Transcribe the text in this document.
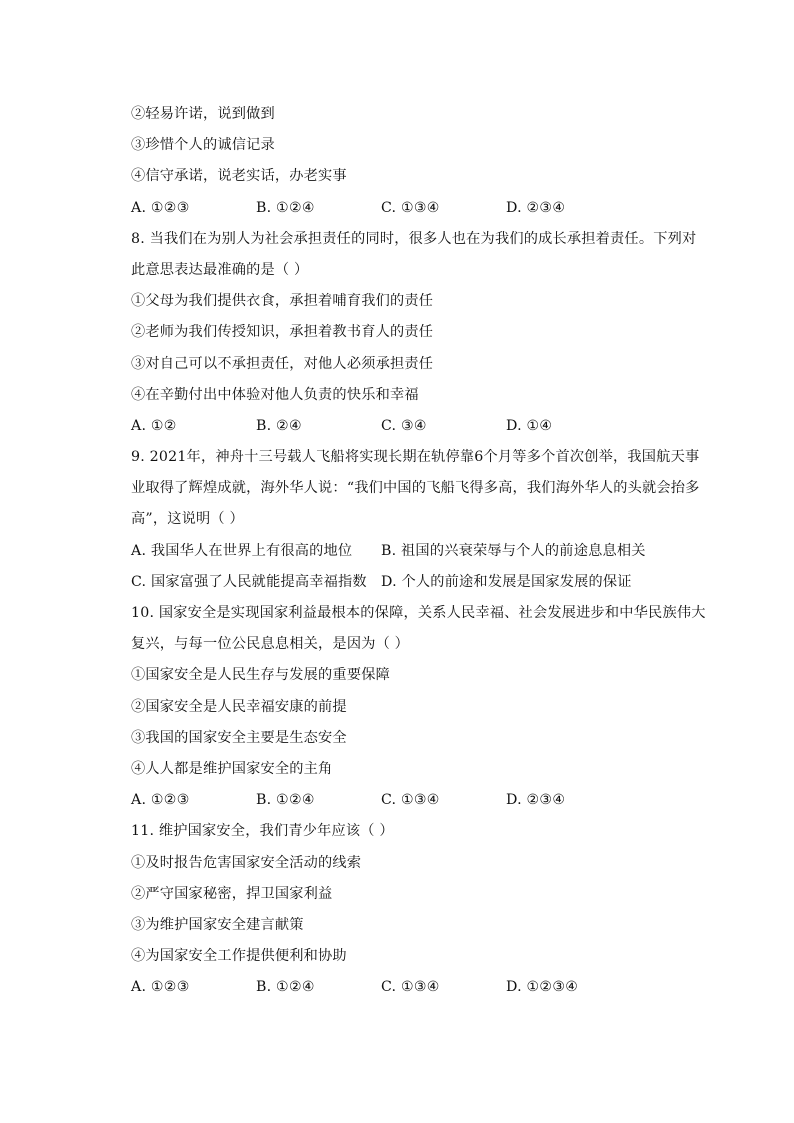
②轻易许诺，说到做到
③珍惜个人的诚信记录
④信守承诺，说老实话，办老实事
A. ①②③	B. ①②④	C. ①③④	D. ②③④
8. 当我们在为别人为社会承担责任的同时，很多人也在为我们的成长承担着责任。下列对
此意思表达最准确的是（ ）
①父母为我们提供衣食，承担着哺育我们的责任
②老师为我们传授知识，承担着教书育人的责任
③对自己可以不承担责任，对他人必须承担责任
④在辛勤付出中体验对他人负责的快乐和幸福
A. ①②	B. ②④	C. ③④	D. ①④
9. 2021年，神舟十三号载人飞船将实现长期在轨停靠6个月等多个首次创举，我国航天事
业取得了辉煌成就，海外华人说：“我们中国的飞船飞得多高，我们海外华人的头就会抬多
高”，这说明（ ）
A. 我国华人在世界上有很高的地位	B. 祖国的兴衰荣辱与个人的前途息息相关
C. 国家富强了人民就能提高幸福指数	D. 个人的前途和发展是国家发展的保证
10. 国家安全是实现国家利益最根本的保障，关系人民幸福、社会发展进步和中华民族伟大
复兴，与每一位公民息息相关，是因为（ ）
①国家安全是人民生存与发展的重要保障
②国家安全是人民幸福安康的前提
③我国的国家安全主要是生态安全
④人人都是维护国家安全的主角
A. ①②③	B. ①②④	C. ①③④	D. ②③④
11. 维护国家安全，我们青少年应该（ ）
①及时报告危害国家安全活动的线索
②严守国家秘密，捍卫国家利益
③为维护国家安全建言献策
④为国家安全工作提供便利和协助
A. ①②③	B. ①②④	C. ①③④	D. ①②③④
